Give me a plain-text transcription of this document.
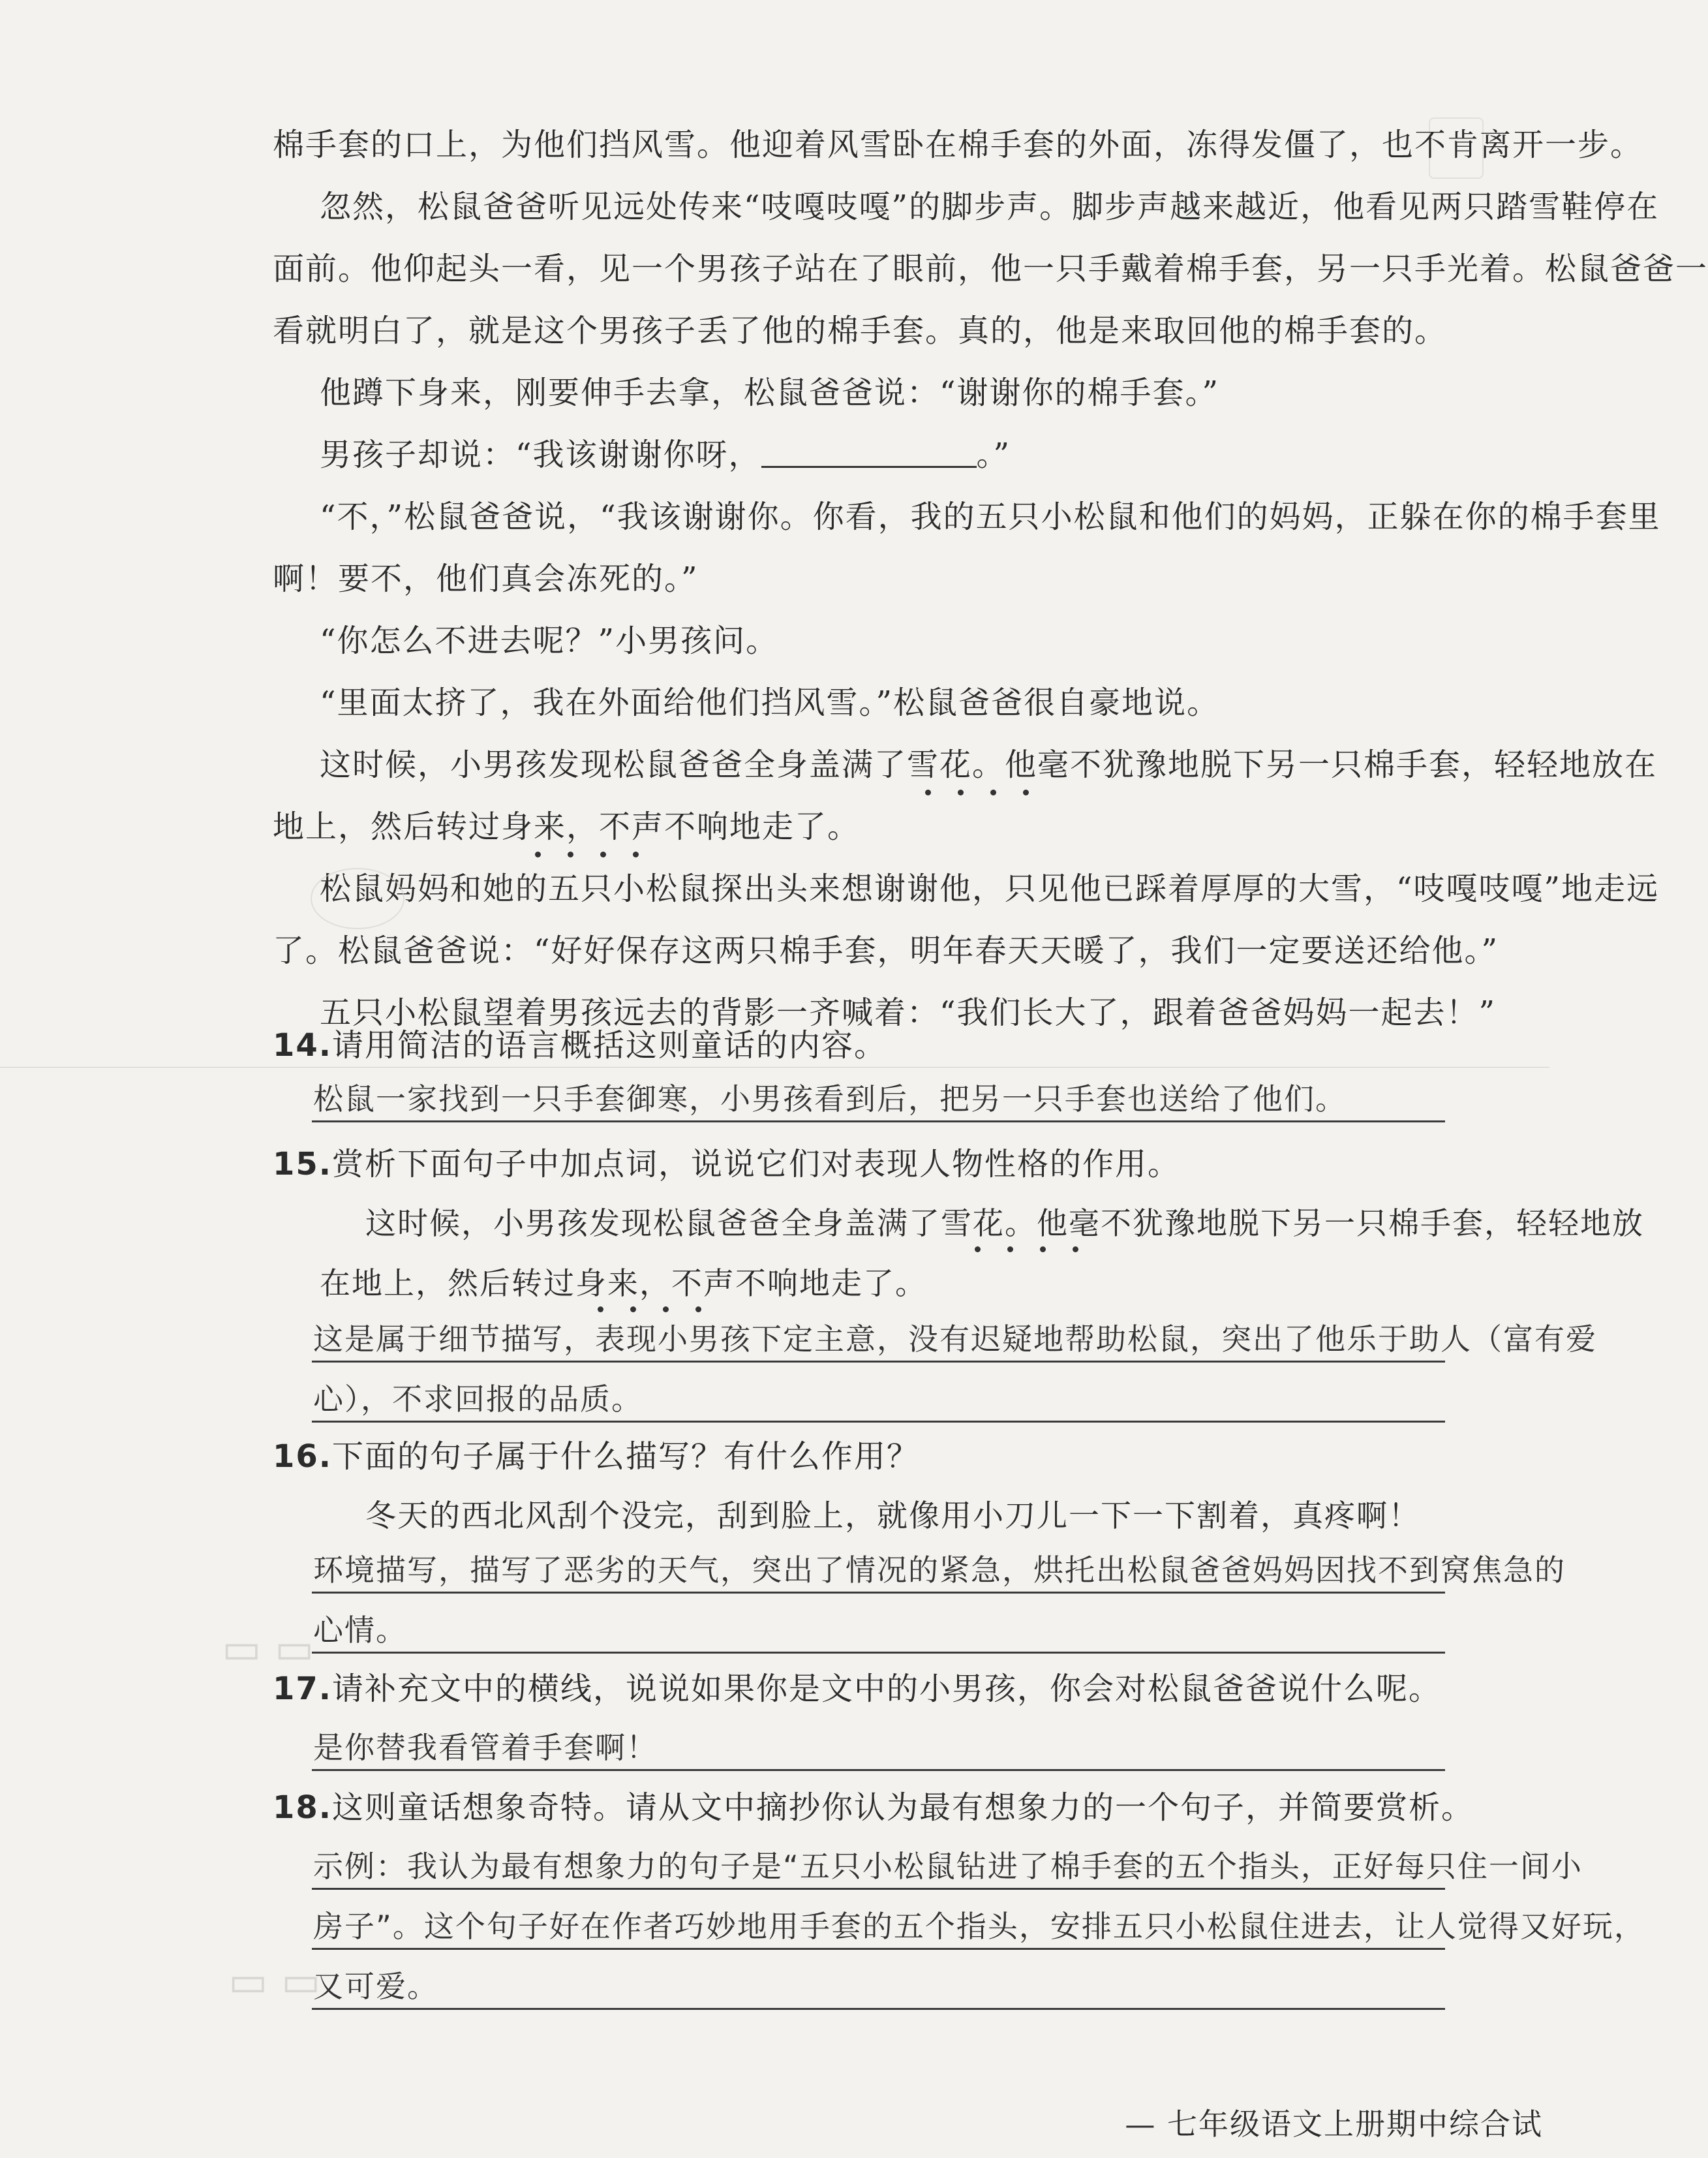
棉手套的口上，为他们挡风雪。他迎着风雪卧在棉手套的外面，冻得发僵了，也不肯离开一步。

忽然，松鼠爸爸听见远处传来“吱嘎吱嘎”的脚步声。脚步声越来越近，他看见两只踏雪鞋停在

面前。他仰起头一看，见一个男孩子站在了眼前，他一只手戴着棉手套，另一只手光着。松鼠爸爸一

看就明白了，就是这个男孩子丢了他的棉手套。真的，他是来取回他的棉手套的。

他蹲下身来，刚要伸手去拿，松鼠爸爸说：“谢谢你的棉手套。”

男孩子却说：“我该谢谢你呀，	。”

“不，”松鼠爸爸说，“我该谢谢你。你看，我的五只小松鼠和他们的妈妈，正躲在你的棉手套里

啊！要不，他们真会冻死的。”

“你怎么不进去呢？”小男孩问。

“里面太挤了，我在外面给他们挡风雪。”松鼠爸爸很自豪地说。

这时候，小男孩发现松鼠爸爸全身盖满了雪花。他毫不犹豫地脱下另一只棉手套，轻轻地放在

地上，然后转过身来，不声不响地走了。

松鼠妈妈和她的五只小松鼠探出头来想谢谢他，只见他已踩着厚厚的大雪，“吱嘎吱嘎”地走远

了。松鼠爸爸说：“好好保存这两只棉手套，明年春天天暖了，我们一定要送还给他。”

五只小松鼠望着男孩远去的背影一齐喊着：“我们长大了，跟着爸爸妈妈一起去！”

14.请用简洁的语言概括这则童话的内容。

松鼠一家找到一只手套御寒，小男孩看到后，把另一只手套也送给了他们。

15.赏析下面句子中加点词，说说它们对表现人物性格的作用。

这时候，小男孩发现松鼠爸爸全身盖满了雪花。他毫不犹豫地脱下另一只棉手套，轻轻地放

在地上，然后转过身来，不声不响地走了。

这是属于细节描写，表现小男孩下定主意，没有迟疑地帮助松鼠，突出了他乐于助人（富有爱
心），不求回报的品质。

16.下面的句子属于什么描写？有什么作用？

冬天的西北风刮个没完，刮到脸上，就像用小刀儿一下一下割着，真疼啊！

环境描写，描写了恶劣的天气，突出了情况的紧急，烘托出松鼠爸爸妈妈因找不到窝焦急的
心情。
▭ ▭

17.请补充文中的横线，说说如果你是文中的小男孩，你会对松鼠爸爸说什么呢。

是你替我看管着手套啊！

18.这则童话想象奇特。请从文中摘抄你认为最有想象力的一个句子，并简要赏析。

示例：我认为最有想象力的句子是“五只小松鼠钻进了棉手套的五个指头，正好每只住一间小
房子”。这个句子好在作者巧妙地用手套的五个指头，安排五只小松鼠住进去，让人觉得又好玩，
又可爱。
▭ ▭
— 七年级语文上册期中综合试
